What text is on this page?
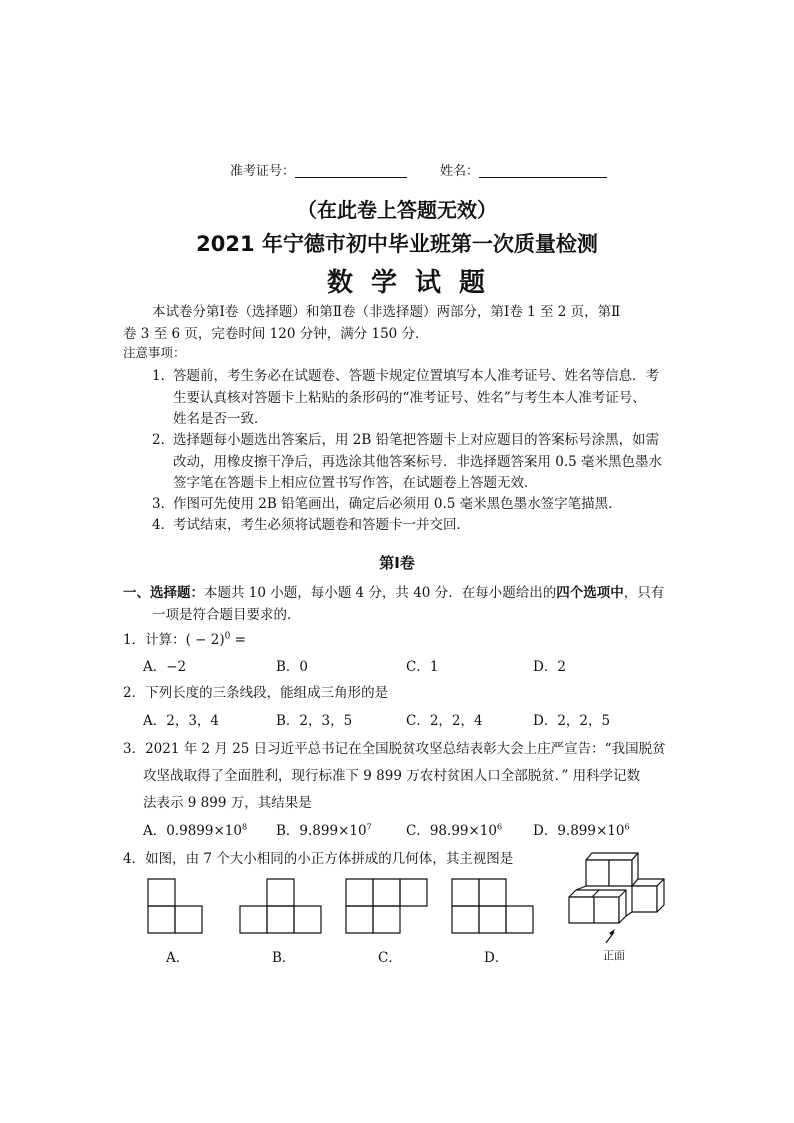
准考证号：	姓名：
（在此卷上答题无效）
2021 年宁德市初中毕业班第一次质量检测
数学试题
本试卷分第Ⅰ卷（选择题）和第Ⅱ卷（非选择题）两部分，第Ⅰ卷 1 至 2 页，第Ⅱ
卷 3 至 6 页，完卷时间 120 分钟，满分 150 分．
注意事项：
1．
答题前，考生务必在试题卷、答题卡规定位置填写本人准考证号、姓名等信息．考
生要认真核对答题卡上粘贴的条形码的“准考证号、姓名”与考生本人准考证号、
姓名是否一致．
2．
选择题每小题选出答案后，用 2B 铅笔把答题卡上对应题目的答案标号涂黑，如需
改动，用橡皮擦干净后，再选涂其他答案标号．非选择题答案用 0.5 毫米黑色墨水
签字笔在答题卡上相应位置书写作答，在试题卷上答题无效．
3．
作图可先使用 2B 铅笔画出，确定后必须用 0.5 毫米黑色墨水签字笔描黑．
4．
考试结束，考生必须将试题卷和答题卡一并交回．
第Ⅰ卷
一、选择题：本题共 10 小题，每小题 4 分，共 40 分．在每小题给出的四个选项中，只有
一项是符合题目要求的．
1．计算：( − 2)$^0$ =
A．−2	B．0	C．1	D．2
2．下列长度的三条线段，能组成三角形的是
A．2，3，4	B．2，3，5	C．2，2，4	D．2，2，5
3．2021 年 2 月 25 日习近平总书记在全国脱贫攻坚总结表彰大会上庄严宣告：“我国脱贫
攻坚战取得了全面胜利，现行标准下 9 899 万农村贫困人口全部脱贫．” 用科学记数
法表示 9 899 万，其结果是
A．$0.9899\times 10^8$ B．$9.899\times 10^7$	C．$98.99\times 10^6$ D．$9.899\times 10^6$
4．如图，由 7 个大小相同的小正方体拼成的几何体，其主视图是
A．	B．	C．	D．	正面
